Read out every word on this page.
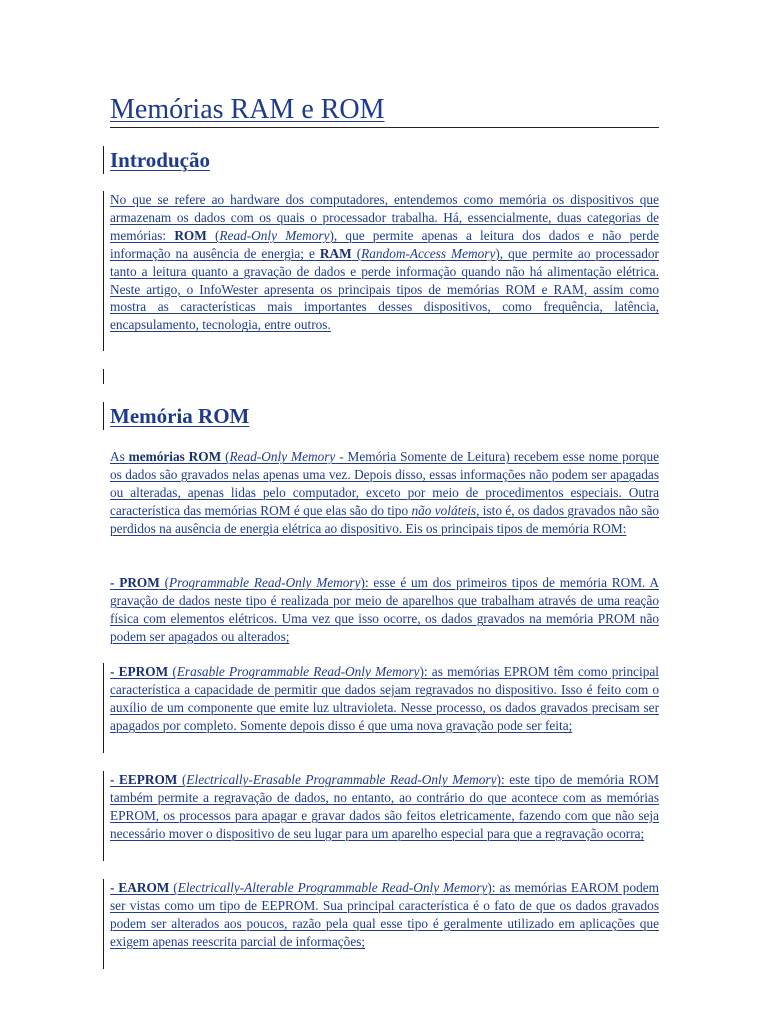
Memórias RAM e ROM
Introdução

No que se refere ao hardware dos computadores, entendemos como memória os dispositivos que armazenam os dados com os quais o processador trabalha. Há, essencialmente, duas categorias de memórias: ROM (Read-Only Memory), que permite apenas a leitura dos dados e não perde informação na ausência de energia; e RAM (Random-Access Memory), que permite ao processador tanto a leitura quanto a gravação de dados e perde informação quando não há alimentação elétrica. Neste artigo, o InfoWester apresenta os principais tipos de memórias ROM e RAM, assim como mostra as características mais importantes desses dispositivos, como frequência, latência, encapsulamento, tecnologia, entre outros.

Memória ROM

As memórias ROM (Read-Only Memory - Memória Somente de Leitura) recebem esse nome porque os dados são gravados nelas apenas uma vez. Depois disso, essas informações não podem ser apagadas ou alteradas, apenas lidas pelo computador, exceto por meio de procedimentos especiais. Outra característica das memórias ROM é que elas são do tipo não voláteis, isto é, os dados gravados não são perdidos na ausência de energia elétrica ao dispositivo. Eis os principais tipos de memória ROM:

- PROM (Programmable Read-Only Memory): esse é um dos primeiros tipos de memória ROM. A gravação de dados neste tipo é realizada por meio de aparelhos que trabalham através de uma reação física com elementos elétricos. Uma vez que isso ocorre, os dados gravados na memória PROM não podem ser apagados ou alterados;

- EPROM (Erasable Programmable Read-Only Memory): as memórias EPROM têm como principal característica a capacidade de permitir que dados sejam regravados no dispositivo. Isso é feito com o auxílio de um componente que emite luz ultravioleta. Nesse processo, os dados gravados precisam ser apagados por completo. Somente depois disso é que uma nova gravação pode ser feita;

- EEPROM (Electrically-Erasable Programmable Read-Only Memory): este tipo de memória ROM também permite a regravação de dados, no entanto, ao contrário do que acontece com as memórias EPROM, os processos para apagar e gravar dados são feitos eletricamente, fazendo com que não seja necessário mover o dispositivo de seu lugar para um aparelho especial para que a regravação ocorra;

- EAROM (Electrically-Alterable Programmable Read-Only Memory): as memórias EAROM podem ser vistas como um tipo de EEPROM. Sua principal característica é o fato de que os dados gravados podem ser alterados aos poucos, razão pela qual esse tipo é geralmente utilizado em aplicações que exigem apenas reescrita parcial de informações;
